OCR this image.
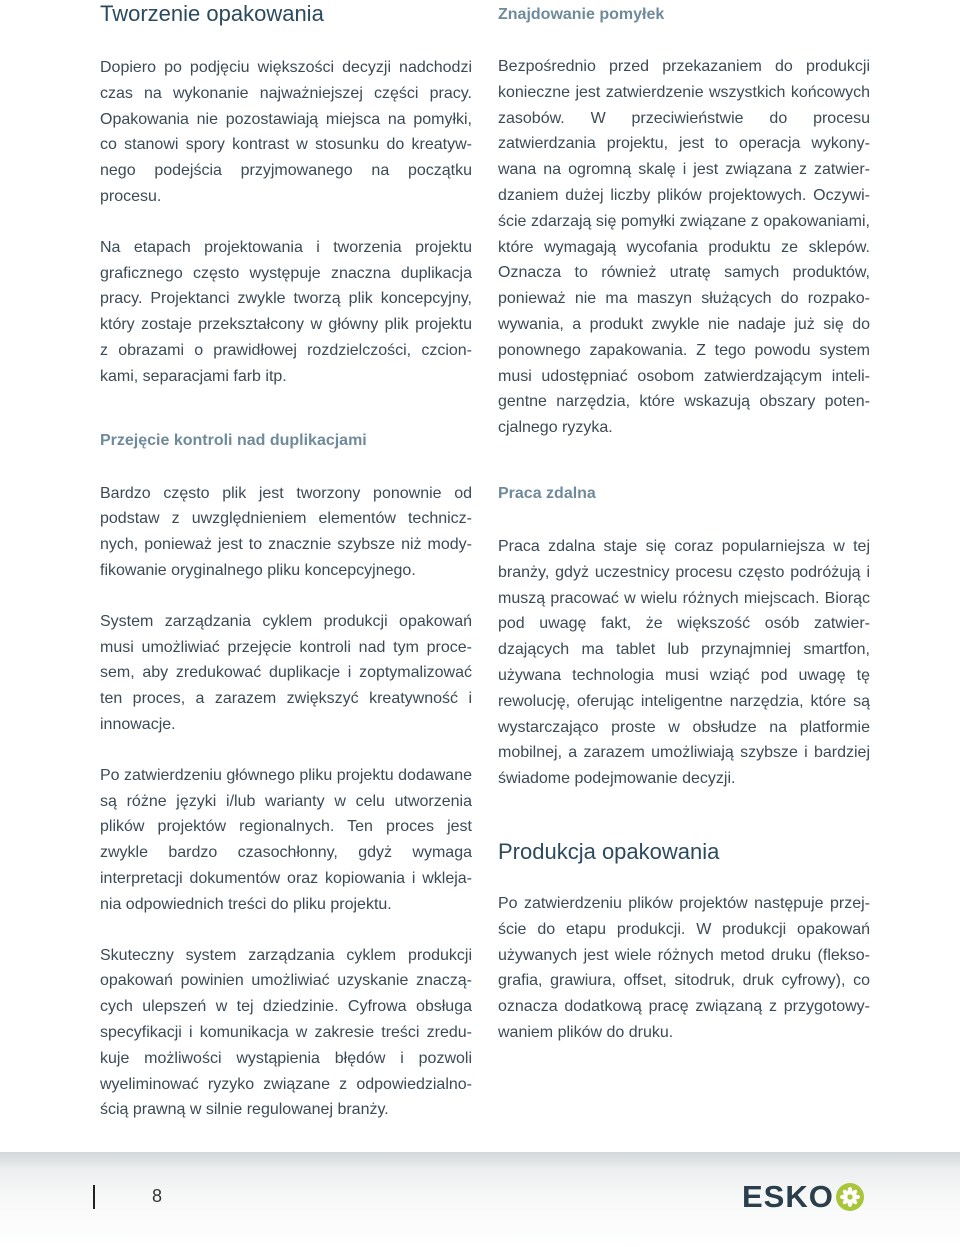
Tworzenie opakowania

Dopiero po podjęciu większości decyzji nadchodzi czas na wykonanie najważniejszej części pracy. Opakowania nie pozostawiają miejsca na pomyłki, co stanowi spory kontrast w stosunku do kreatywnego podejścia przyjmowanego na początku procesu.

Na etapach projektowania i tworzenia projektu graficznego często występuje znaczna duplikacja pracy. Projektanci zwykle tworzą plik koncepcyjny, który zostaje przekształcony w główny plik projektu z obrazami o prawidłowej rozdzielczości, czcionkami, separacjami farb itp.

Przejęcie kontroli nad duplikacjami

Bardzo często plik jest tworzony ponownie od podstaw z uwzględnieniem elementów technicznych, ponieważ jest to znacznie szybsze niż modyfikowanie oryginalnego pliku koncepcyjnego.

System zarządzania cyklem produkcji opakowań musi umożliwiać przejęcie kontroli nad tym procesem, aby zredukować duplikacje i zoptymalizować ten proces, a zarazem zwiększyć kreatywność i innowacje.

Po zatwierdzeniu głównego pliku projektu dodawane są różne języki i/lub warianty w celu utworzenia plików projektów regionalnych. Ten proces jest zwykle bardzo czasochłonny, gdyż wymaga interpretacji dokumentów oraz kopiowania i wklejania odpowiednich treści do pliku projektu.

Skuteczny system zarządzania cyklem produkcji opakowań powinien umożliwiać uzyskanie znaczących ulepszeń w tej dziedzinie. Cyfrowa obsługa specyfikacji i komunikacja w zakresie treści zredukuje możliwości wystąpienia błędów i pozwoli wyeliminować ryzyko związane z odpowiedzialnością prawną w silnie regulowanej branży.

Znajdowanie pomyłek

Bezpośrednio przed przekazaniem do produkcji konieczne jest zatwierdzenie wszystkich końcowych zasobów. W przeciwieństwie do procesu zatwierdzania projektu, jest to operacja wykonywana na ogromną skalę i jest związana z zatwierdzaniem dużej liczby plików projektowych. Oczywiście zdarzają się pomyłki związane z opakowaniami, które wymagają wycofania produktu ze sklepów. Oznacza to również utratę samych produktów, ponieważ nie ma maszyn służących do rozpakowywania, a produkt zwykle nie nadaje już się do ponownego zapakowania. Z tego powodu system musi udostępniać osobom zatwierdzającym inteligentne narzędzia, które wskazują obszary potencjalnego ryzyka.

Praca zdalna

Praca zdalna staje się coraz popularniejsza w tej branży, gdyż uczestnicy procesu często podróżują i muszą pracować w wielu różnych miejscach. Biorąc pod uwagę fakt, że większość osób zatwierdzających ma tablet lub przynajmniej smartfon, używana technologia musi wziąć pod uwagę tę rewolucję, oferując inteligentne narzędzia, które są wystarczająco proste w obsłudze na platformie mobilnej, a zarazem umożliwiają szybsze i bardziej świadome podejmowanie decyzji.

Produkcja opakowania

Po zatwierdzeniu plików projektów następuje przejście do etapu produkcji. W produkcji opakowań używanych jest wiele różnych metod druku (fleksografia, grawiura, offset, sitodruk, druk cyfrowy), co oznacza dodatkową pracę związaną z przygotowywaniem plików do druku.

8	ESKO
